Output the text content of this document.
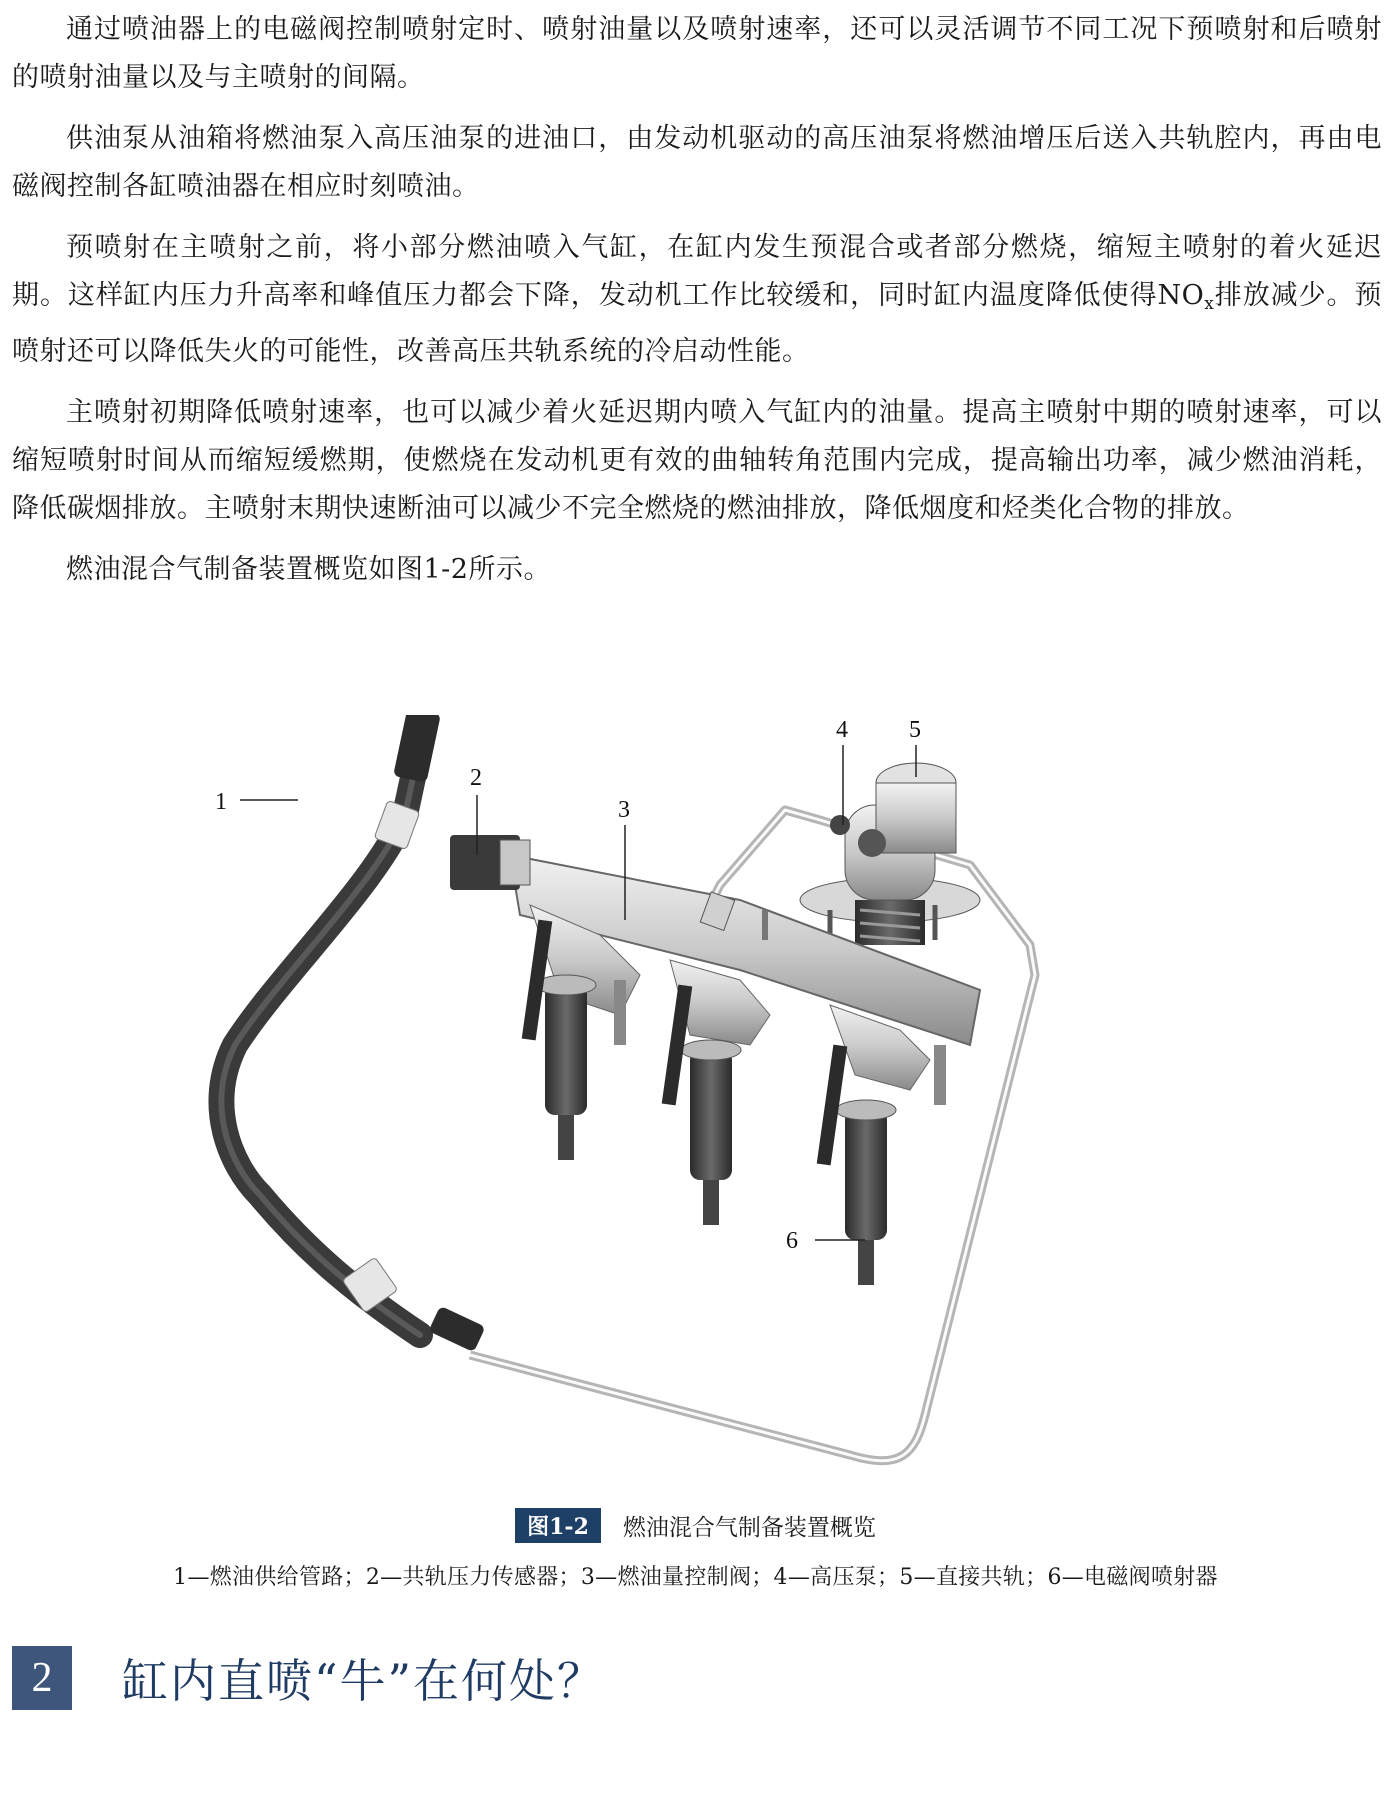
通过喷油器上的电磁阀控制喷射定时、喷射油量以及喷射速率，还可以灵活调节不同工况下预喷射和后喷射的喷射油量以及与主喷射的间隔。

供油泵从油箱将燃油泵入高压油泵的进油口，由发动机驱动的高压油泵将燃油增压后送入共轨腔内，再由电磁阀控制各缸喷油器在相应时刻喷油。

预喷射在主喷射之前，将小部分燃油喷入气缸，在缸内发生预混合或者部分燃烧，缩短主喷射的着火延迟期。这样缸内压力升高率和峰值压力都会下降，发动机工作比较缓和，同时缸内温度降低使得$NO_x$排放减少。预喷射还可以降低失火的可能性，改善高压共轨系统的冷启动性能。

主喷射初期降低喷射速率，也可以减少着火延迟期内喷入气缸内的油量。提高主喷射中期的喷射速率，可以缩短喷射时间从而缩短缓燃期，使燃烧在发动机更有效的曲轴转角范围内完成，提高输出功率，减少燃油消耗，降低碳烟排放。主喷射末期快速断油可以减少不完全燃烧的燃油排放，降低烟度和烃类化合物的排放。

燃油混合气制备装置概览如图1-2所示。

1
2
3
4	5
6
图1-2	燃油混合气制备装置概览
1—燃油供给管路；2—共轨压力传感器；3—燃油量控制阀；4—高压泵；5—直接共轨；6—电磁阀喷射器
2	缸内直喷“牛”在何处？
